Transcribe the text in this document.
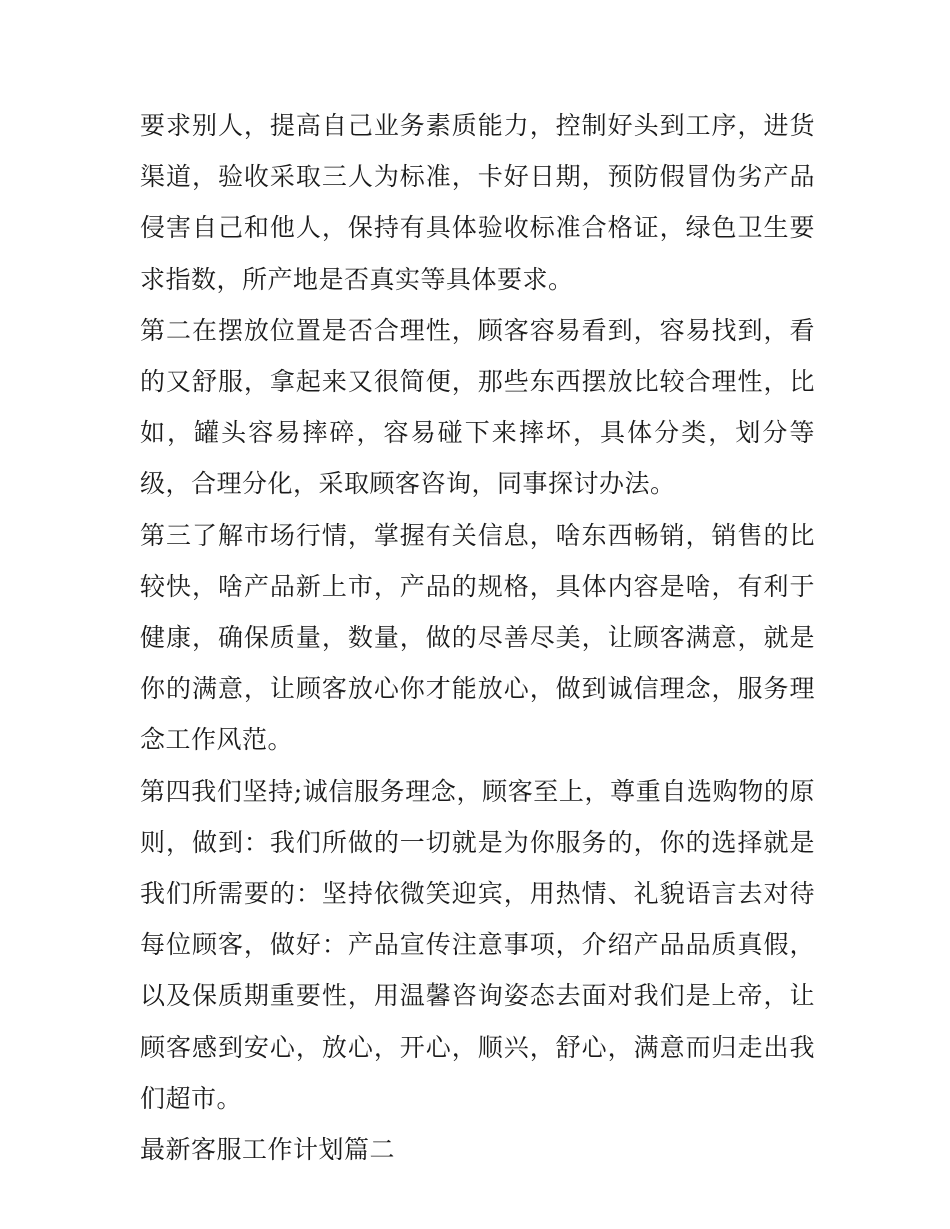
要求别人，提高自己业务素质能力，控制好头到工序，进货渠道，验收采取三人为标准，卡好日期，预防假冒伪劣产品侵害自己和他人，保持有具体验收标准合格证，绿色卫生要求指数，所产地是否真实等具体要求。

第二在摆放位置是否合理性，顾客容易看到，容易找到，看的又舒服，拿起来又很简便，那些东西摆放比较合理性，比如，罐头容易摔碎，容易碰下来摔坏，具体分类，划分等级，合理分化，采取顾客咨询，同事探讨办法。

第三了解市场行情，掌握有关信息，啥东西畅销，销售的比较快，啥产品新上市，产品的规格，具体内容是啥，有利于健康，确保质量，数量，做的尽善尽美，让顾客满意，就是你的满意，让顾客放心你才能放心，做到诚信理念，服务理念工作风范。

第四我们坚持;诚信服务理念，顾客至上，尊重自选购物的原则，做到：我们所做的一切就是为你服务的，你的选择就是我们所需要的：坚持依微笑迎宾，用热情、礼貌语言去对待每位顾客，做好：产品宣传注意事项，介绍产品品质真假，以及保质期重要性，用温馨咨询姿态去面对我们是上帝，让顾客感到安心，放心，开心，顺兴，舒心，满意而归走出我们超市。

最新客服工作计划篇二
